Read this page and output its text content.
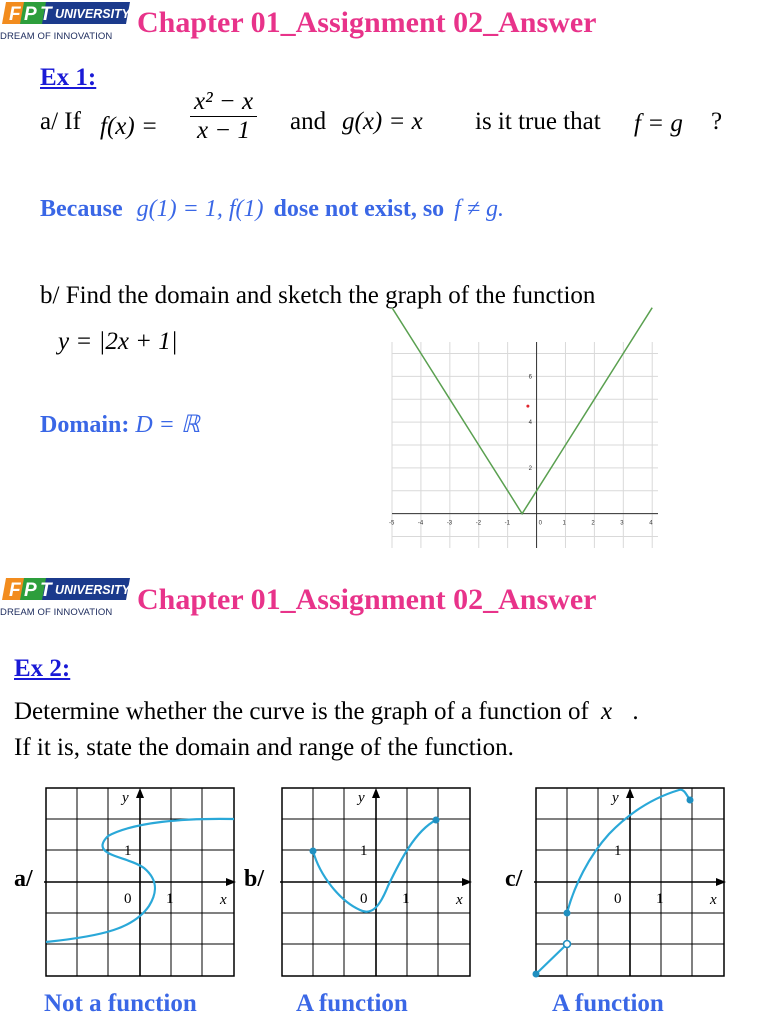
F P T UNIVERSITY
DREAM OF INNOVATION Chapter 01_Assignment 02_Answer
Ex 1:
a/ If $f(x) = \frac{\text{x² − x}}{x - 1}$ and g(x) = x is it true that f = g ?
Because g(1) = 1, f(1) dose not exist, so f ≠ g.
b/ Find the domain and sketch the graph of the function
y = |2x + 1|
Domain: D = ℝ
-5	-4	-3	-2	-1	0	1	2	3	4
2
4
6
F P T UNIVERSITY
DREAM OF INNOVATION Chapter 01_Assignment 02_Answer
Ex 2:
Determine whether the curve is the graph of a function of x .
If it is, state the domain and range of the function.
a/	b/	c/
y
x
0 1
1
y
x
0 1
1
y
x
0 1
1
Not a function	A function	A function
